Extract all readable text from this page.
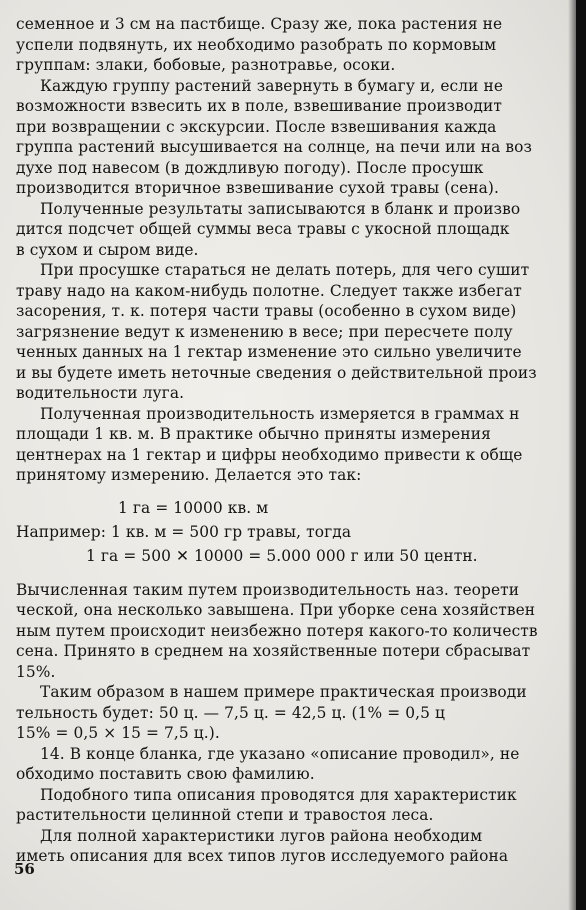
семенное и 3 см на пастбище. Сразу же, пока растения не
успели подвянуть, их необходимо разобрать по кормовым
группам: злаки, бобовые, разнотравье, осоки.
Каждую группу растений завернуть в бумагу и, если не
возможности взвесить их в поле, взвешивание производит
при возвращении с экскурсии. После взвешивания кажда
группа растений высушивается на солнце, на печи или на воз
духе под навесом (в дождливую погоду). После просушк
производится вторичное взвешивание сухой травы (сена).
Полученные результаты записываются в бланк и произво
дится подсчет общей суммы веса травы с укосной площадк
в сухом и сыром виде.
При просушке стараться не делать потерь, для чего сушит
траву надо на каком-нибудь полотне. Следует также избегат
засорения, т. к. потеря части травы (особенно в сухом виде)
загрязнение ведут к изменению в весе; при пересчете полу
ченных данных на 1 гектар изменение это сильно увеличите
и вы будете иметь неточные сведения о действительной произ
водительности луга.
Полученная производительность измеряется в граммах н
площади 1 кв. м. В практике обычно приняты измерения
центнерах на 1 гектар и цифры необходимо привести к обще
принятому измерению. Делается это так:
1 га = 10000 кв. м
Например: 1 кв. м = 500 гр травы, тогда
1 га = 500 ✕ 10000 = 5.000 000 г или 50 центн.
Вычисленная таким путем производительность наз. теорети
ческой, она несколько завышена. При уборке сена хозяйствен
ным путем происходит неизбежно потеря какого-то количеств
сена. Принято в среднем на хозяйственные потери сбрасыват
15%.
Таким образом в нашем примере практическая производи
тельность будет: 50 ц. — 7,5 ц. = 42,5 ц. (1% = 0,5 ц
15% = 0,5 × 15 = 7,5 ц.).
14. В конце бланка, где указано «описание проводил», не
обходимо поставить свою фамилию.
Подобного типа описания проводятся для характеристик
растительности целинной степи и травостоя леса.
Для полной характеристики лугов района необходим
иметь описания для всех типов лугов исследуемого района
56
